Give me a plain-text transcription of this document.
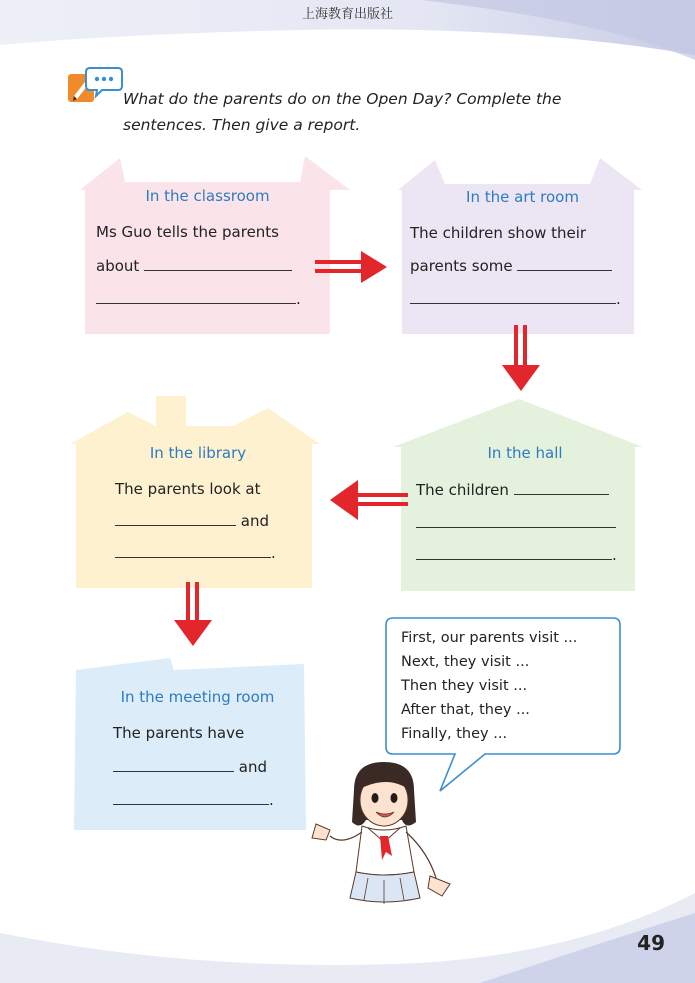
上海教育出版社
What do the parents do on the Open Day? Complete the
sentences. Then give a report.
In the classroom
Ms Guo tells the parents
about
.
In the art room
The children show their
parents some
.
In the hall
The children
.
In the library
The parents look at
and
.
In the meeting room
The parents have
and
.
First, our parents visit ...
Next, they visit ...
Then they visit ...
After that, they ...
Finally, they ...
49
